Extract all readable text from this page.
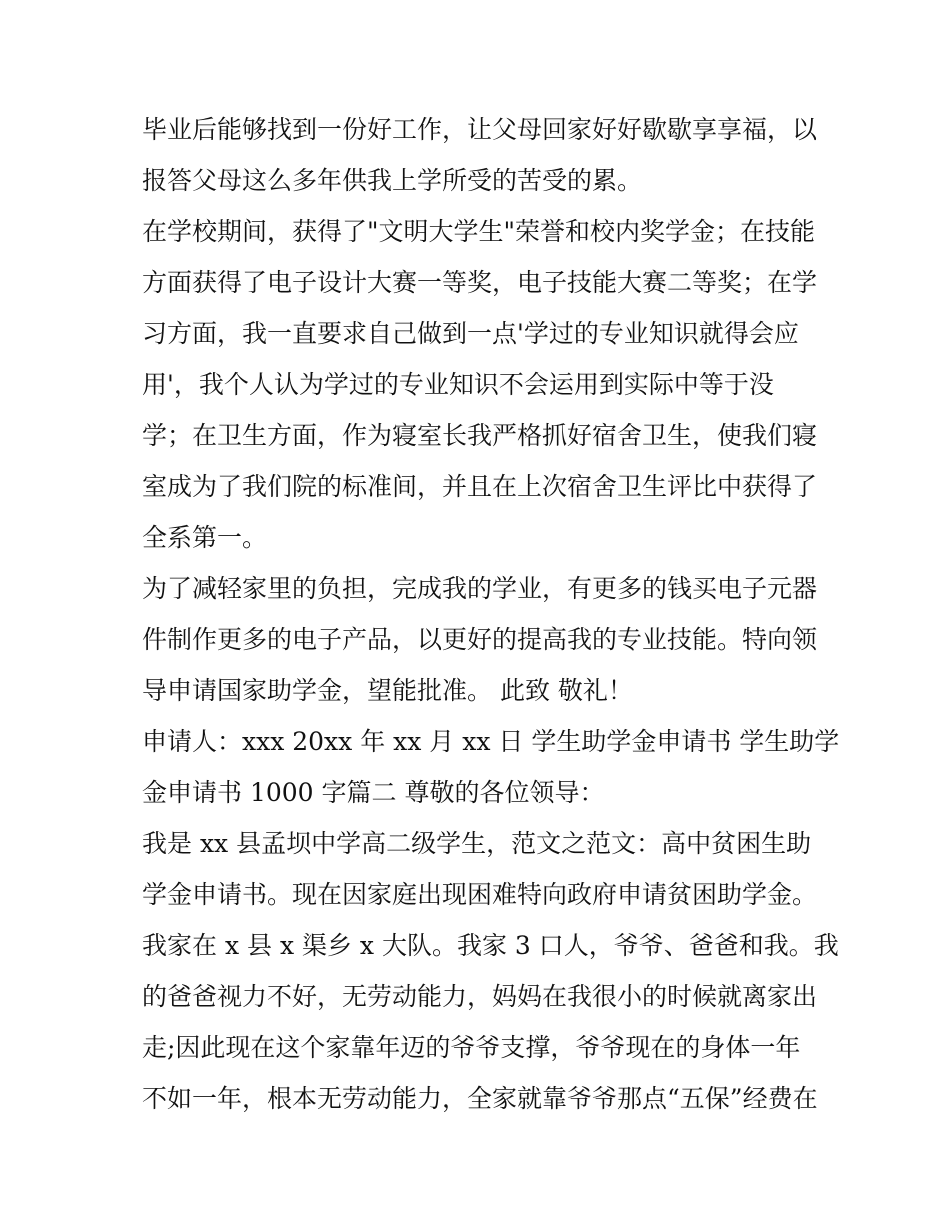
毕业后能够找到一份好工作，让父母回家好好歇歇享享福，以
报答父母这么多年供我上学所受的苦受的累。
在学校期间，获得了"文明大学生"荣誉和校内奖学金；在技能
方面获得了电子设计大赛一等奖，电子技能大赛二等奖；在学
习方面，我一直要求自己做到一点'学过的专业知识就得会应
用'，我个人认为学过的专业知识不会运用到实际中等于没
学；在卫生方面，作为寝室长我严格抓好宿舍卫生，使我们寝
室成为了我们院的标准间，并且在上次宿舍卫生评比中获得了
全系第一。
为了减轻家里的负担，完成我的学业，有更多的钱买电子元器
件制作更多的电子产品，以更好的提高我的专业技能。特向领
导申请国家助学金，望能批准。 此致 敬礼！
申请人：xxx 20xx 年 xx 月 xx 日 学生助学金申请书 学生助学
金申请书 1000 字篇二 尊敬的各位领导：
我是 xx 县孟坝中学高二级学生，范文之范文：高中贫困生助
学金申请书。现在因家庭出现困难特向政府申请贫困助学金。
我家在 x 县 x 渠乡 x 大队。我家 3 口人，爷爷、爸爸和我。我
的爸爸视力不好，无劳动能力，妈妈在我很小的时候就离家出
走;因此现在这个家靠年迈的爷爷支撑，爷爷现在的身体一年
不如一年，根本无劳动能力，全家就靠爷爷那点“五保”经费在
